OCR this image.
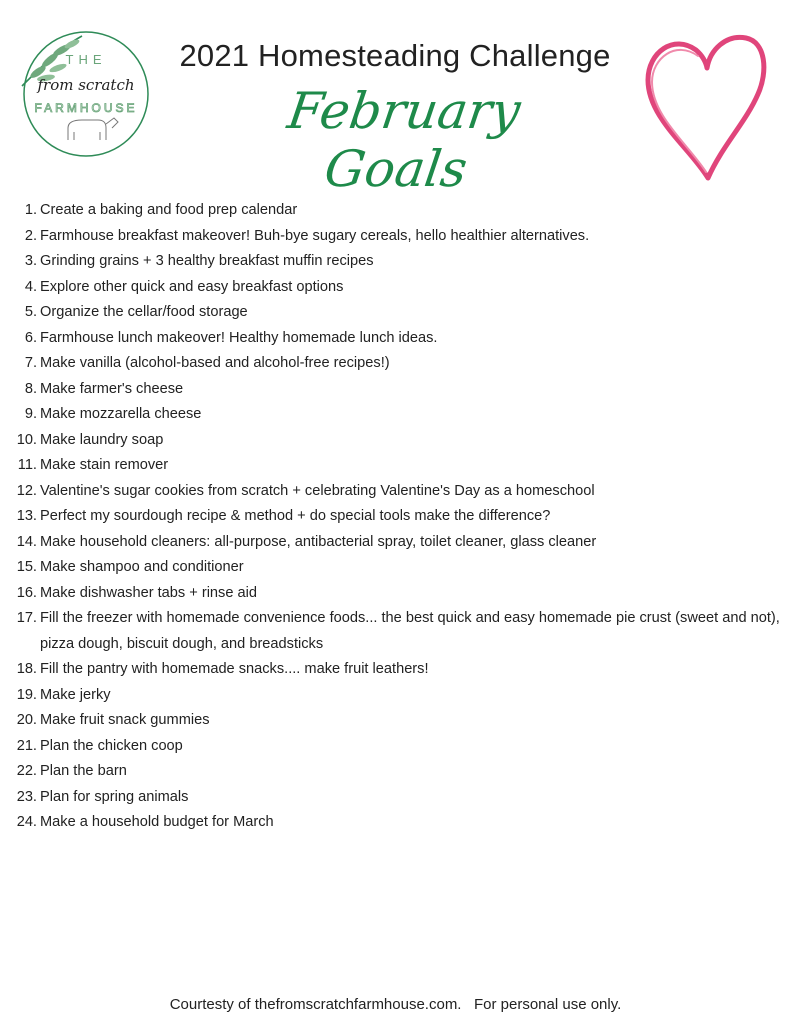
THE
from scratch
FARMHOUSE
2021 Homesteading Challenge
February Goals
1. Create a baking and food prep calendar
2. Farmhouse breakfast makeover! Buh-bye sugary cereals, hello healthier alternatives.
3. Grinding grains + 3 healthy breakfast muffin recipes
4. Explore other quick and easy breakfast options
5. Organize the cellar/food storage
6. Farmhouse lunch makeover! Healthy homemade lunch ideas.
7. Make vanilla (alcohol-based and alcohol-free recipes!)
8. Make farmer's cheese
9. Make mozzarella cheese
10. Make laundry soap
11. Make stain remover
12. Valentine's sugar cookies from scratch + celebrating Valentine's Day as a homeschool
13. Perfect my sourdough recipe & method + do special tools make the difference?
14. Make household cleaners: all-purpose, antibacterial spray, toilet cleaner, glass cleaner
15. Make shampoo and conditioner
16. Make dishwasher tabs + rinse aid
17. Fill the freezer with homemade convenience foods... the best quick and easy homemade pie crust (sweet and not), pizza dough, biscuit dough, and breadsticks
18. Fill the pantry with homemade snacks.... make fruit leathers!
19. Make jerky
20. Make fruit snack gummies
21. Plan the chicken coop
22. Plan the barn
23. Plan for spring animals
24. Make a household budget for March
Courtesty of thefromscratchfarmhouse.com.   For personal use only.
